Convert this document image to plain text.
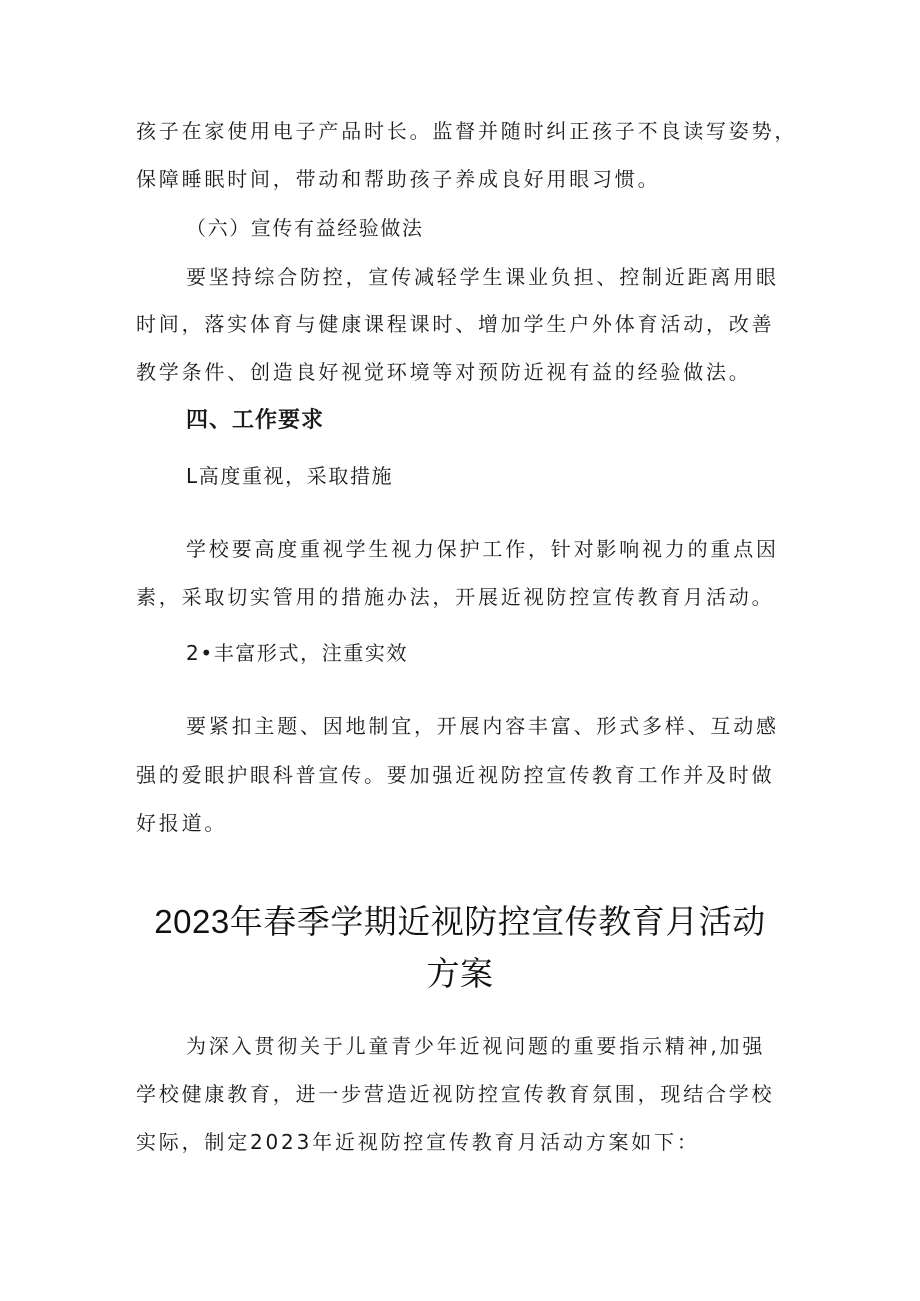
孩子在家使用电子产品时长。监督并随时纠正孩子不良读写姿势，
保障睡眠时间，带动和帮助孩子养成良好用眼习惯。
（六）宣传有益经验做法
要坚持综合防控，宣传减轻学生课业负担、控制近距离用眼
时间，落实体育与健康课程课时、增加学生户外体育活动，改善
教学条件、创造良好视觉环境等对预防近视有益的经验做法。
四、工作要求
L高度重视，采取措施
学校要高度重视学生视力保护工作，针对影响视力的重点因
素，采取切实管用的措施办法，开展近视防控宣传教育月活动。
2•丰富形式，注重实效
要紧扣主题、因地制宜，开展内容丰富、形式多样、互动感
强的爱眼护眼科普宣传。要加强近视防控宣传教育工作并及时做
好报道。
2023年春季学期近视防控宣传教育月活动
方案
为深入贯彻关于儿童青少年近视问题的重要指示精神,加强
学校健康教育，进一步营造近视防控宣传教育氛围，现结合学校
实际，制定2023年近视防控宣传教育月活动方案如下：
